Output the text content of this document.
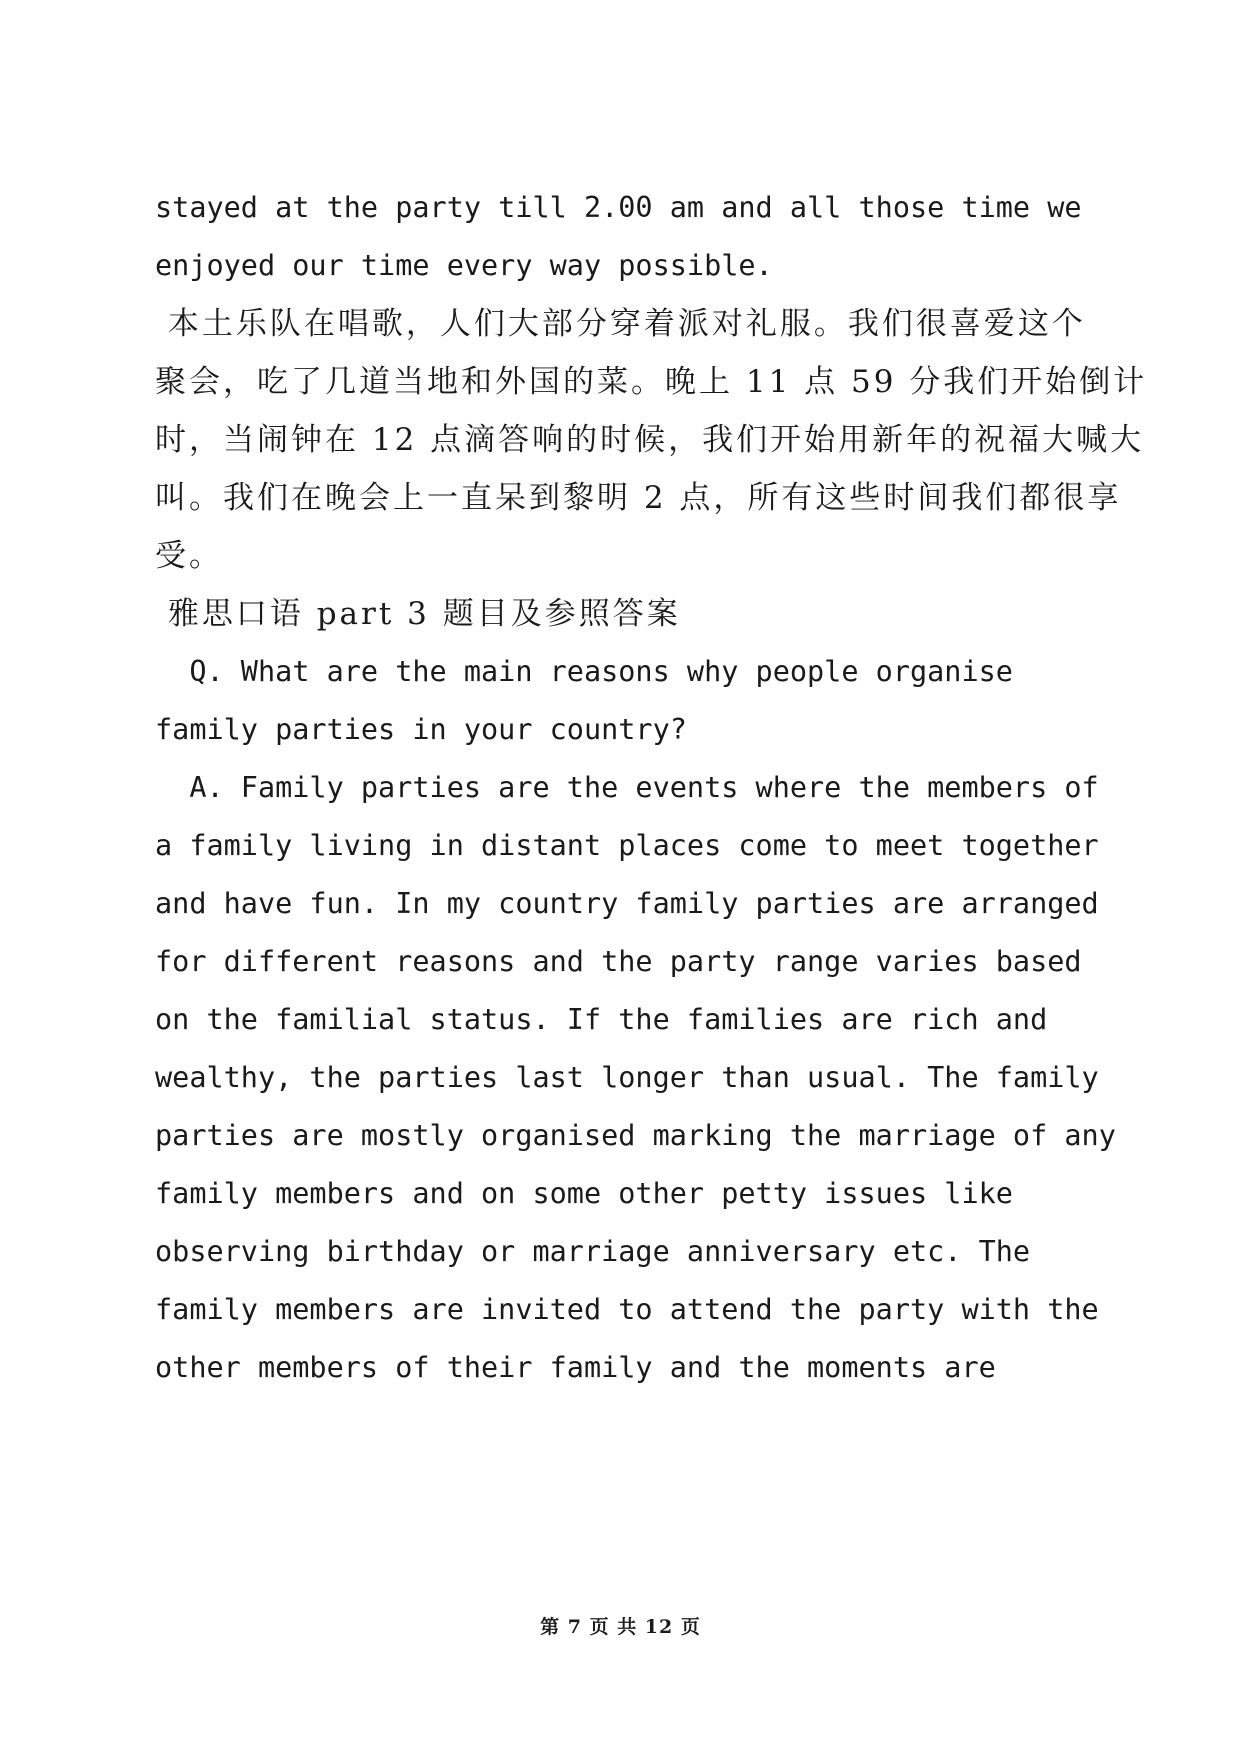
stayed at the party till 2.00 am and all those time we
enjoyed our time every way possible.
本土乐队在唱歌，人们大部分穿着派对礼服。我们很喜爱这个
聚会，吃了几道当地和外国的菜。晚上 11 点 59 分我们开始倒计
时，当闹钟在 12 点滴答响的时候，我们开始用新年的祝福大喊大
叫。我们在晚会上一直呆到黎明 2 点，所有这些时间我们都很享
受。
雅思口语 part 3 题目及参照答案
Q. What are the main reasons why people organise
family parties in your country?
A. Family parties are the events where the members of
a family living in distant places come to meet together
and have fun. In my country family parties are arranged
for different reasons and the party range varies based
on the familial status. If the families are rich and
wealthy, the parties last longer than usual. The family
parties are mostly organised marking the marriage of any
family members and on some other petty issues like
observing birthday or marriage anniversary etc. The
family members are invited to attend the party with the
other members of their family and the moments are
第 7 页 共 12 页
